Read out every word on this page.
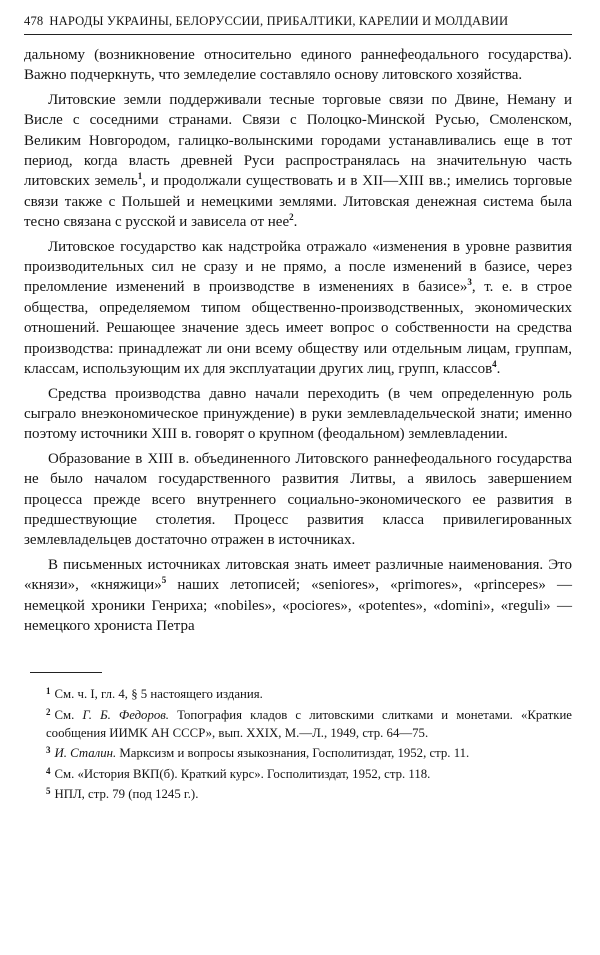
478 НАРОДЫ УКРАИНЫ, БЕЛОРУССИИ, ПРИБАЛТИКИ, КАРЕЛИИ И МОЛДАВИИ

дальному (возникновение относительно единого раннефеодального государства). Важно подчеркнуть, что земледелие составляло основу литовского хозяйства.

Литовские земли поддерживали тесные торговые связи по Двине, Неману и Висле с соседними странами. Связи с Полоцко-Минской Русью, Смоленском, Великим Новгородом, галицко-волынскими городами устанавливались еще в тот период, когда власть древней Руси распространялась на значительную часть литовских земель$^1$, и продолжали существовать и в XII—XIII вв.; имелись торговые связи также с Польшей и немецкими землями. Литовская денежная система была тесно связана с русской и зависела от нее$^2$.

Литовское государство как надстройка отражало «изменения в уровне развития производительных сил не сразу и не прямо, а после изменений в базисе, через преломление изменений в производстве в изменениях в базисе»$^3$, т. е. в строе общества, определяемом типом общественно-производственных, экономических отношений. Решающее значение здесь имеет вопрос о собственности на средства производства: принадлежат ли они всему обществу или отдельным лицам, группам, классам, использующим их для эксплуатации других лиц, групп, классов$^4$.

Средства производства давно начали переходить (в чем определенную роль сыграло внеэкономическое принуждение) в руки землевладельческой знати; именно поэтому источники XIII в. говорят о крупном (феодальном) землевладении.

Образование в XIII в. объединенного Литовского раннефеодального государства не было началом государственного развития Литвы, а явилось завершением процесса прежде всего внутреннего социально-экономического ее развития в предшествующие столетия. Процесс развития класса привилегированных землевладельцев достаточно отражен в источниках.

В письменных источниках литовская знать имеет различные наименования. Это «князи», «княжици»$^5$ наших летописей; «seniores», «primores», «princepes» — немецкой хроники Генриха; «nobiles», «pociores», «potentes», «domini», «reguli» — немецкого хрониста Петра

$^1$ См. ч. I, гл. 4, § 5 настоящего издания.
$^2$ См. Г. Б. Федоров. Топография кладов с литовскими слитками и монетами. «Краткие сообщения ИИМК АН СССР», вып. XXIX, М.—Л., 1949, стр. 64—75.
$^3$ И. Сталин. Марксизм и вопросы языкознания, Госполитиздат, 1952, стр. 11.
$^4$ См. «История ВКП(б). Краткий курс». Госполитиздат, 1952, стр. 118.
$^5$ НПЛ, стр. 79 (под 1245 г.).
